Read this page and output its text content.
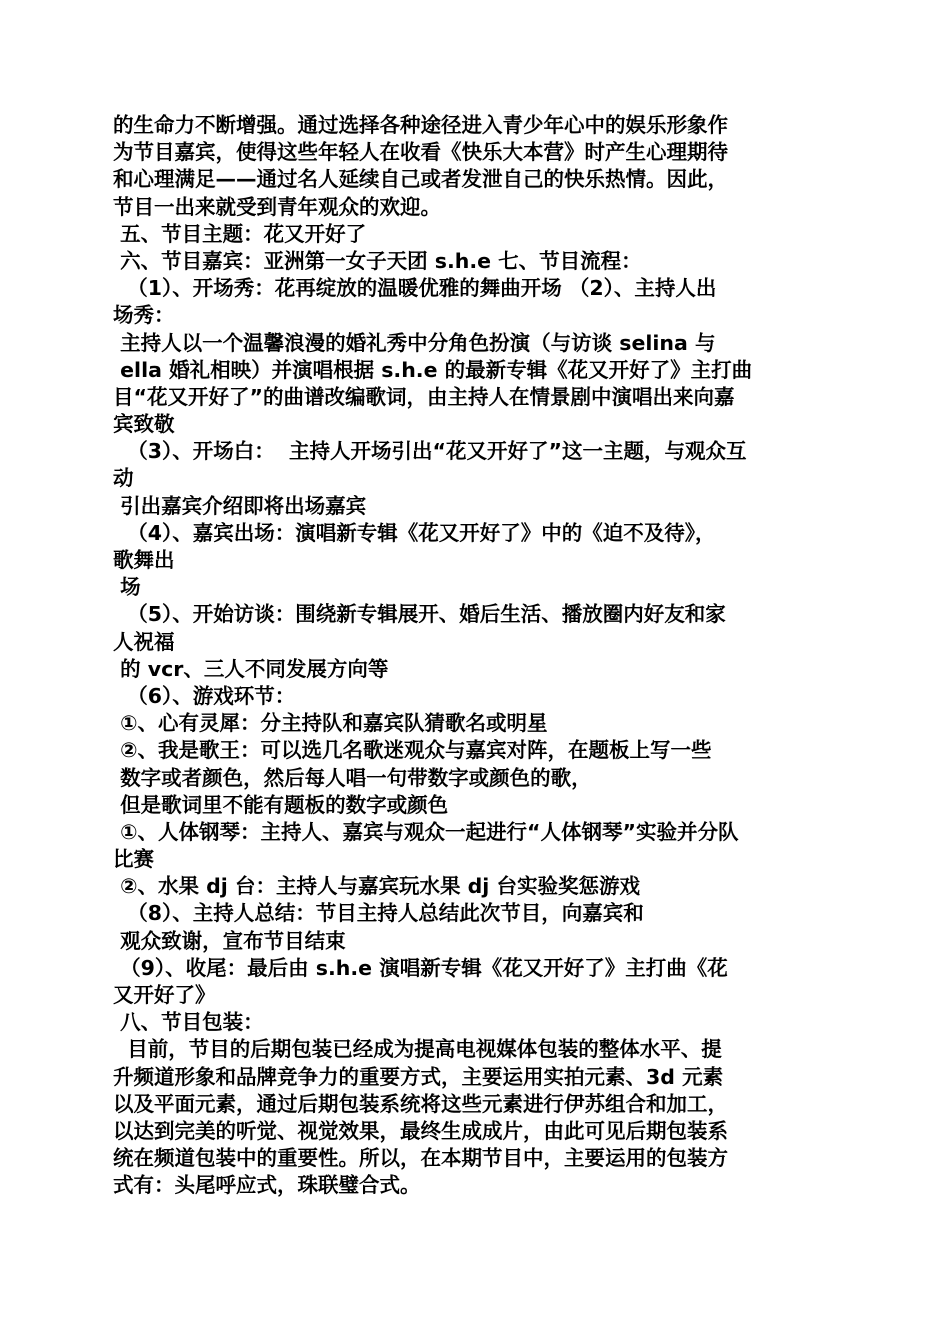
的生命力不断增强。通过选择各种途径进入青少年心中的娱乐形象作
为节目嘉宾，使得这些年轻人在收看《快乐大本营》时产生心理期待
和心理满足——通过名人延续自己或者发泄自己的快乐热情。因此，
节目一出来就受到青年观众的欢迎。
五、节目主题：花又开好了
六、节目嘉宾：亚洲第一女子天团 s.h.e 七、节目流程：
（1）、开场秀：花再绽放的温暖优雅的舞曲开场 （2）、主持人出
场秀：
主持人以一个温馨浪漫的婚礼秀中分角色扮演（与访谈 selina 与
ella 婚礼相映）并演唱根据 s.h.e 的最新专辑《花又开好了》主打曲
目“花又开好了”的曲谱改编歌词，由主持人在情景剧中演唱出来向嘉
宾致敬
（3）、开场白：  主持人开场引出“花又开好了”这一主题，与观众互
动
引出嘉宾介绍即将出场嘉宾
（4）、嘉宾出场：演唱新专辑《花又开好了》中的《迫不及待》，
歌舞出
场
（5）、开始访谈：围绕新专辑展开、婚后生活、播放圈内好友和家
人祝福
的 vcr、三人不同发展方向等
（6）、游戏环节：
①、心有灵犀：分主持队和嘉宾队猜歌名或明星
②、我是歌王：可以选几名歌迷观众与嘉宾对阵，在题板上写一些
数字或者颜色，然后每人唱一句带数字或颜色的歌，
但是歌词里不能有题板的数字或颜色
①、人体钢琴：主持人、嘉宾与观众一起进行“人体钢琴”实验并分队
比赛
②、水果 dj 台：主持人与嘉宾玩水果 dj 台实验奖惩游戏
（8）、主持人总结：节目主持人总结此次节目，向嘉宾和
观众致谢，宣布节目结束
（9）、收尾：最后由 s.h.e 演唱新专辑《花又开好了》主打曲《花
又开好了》
八、节目包装：
目前，节目的后期包装已经成为提高电视媒体包装的整体水平、提
升频道形象和品牌竞争力的重要方式，主要运用实拍元素、3d 元素
以及平面元素，通过后期包装系统将这些元素进行伊苏组合和加工，
以达到完美的听觉、视觉效果，最终生成成片，由此可见后期包装系
统在频道包装中的重要性。所以，在本期节目中，主要运用的包装方
式有：头尾呼应式，珠联璧合式。
